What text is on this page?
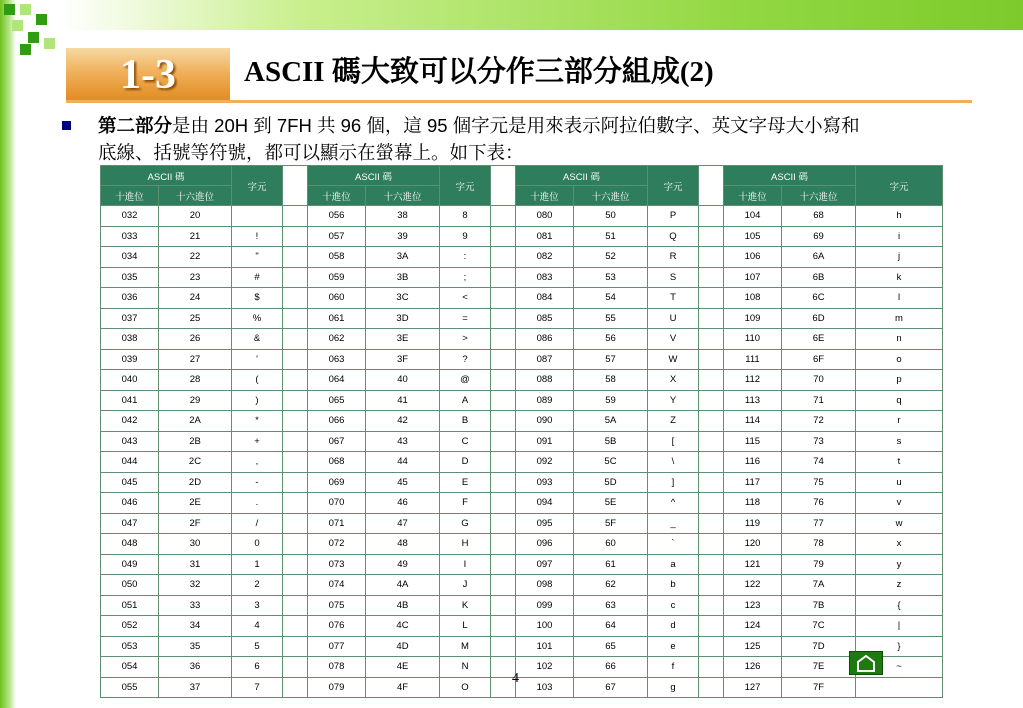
1-3	ASCII 碼大致可以分作三部分組成(2)
第二部分是由 20H 到 7FH 共 96 個，這 95 個字元是用來表示阿拉伯數字、英文字母大小寫和
底線、括號等符號，都可以顯示在螢幕上。如下表：
ASCII 碼		字元		ASCII 碼		字元		ASCII 碼		字元		ASCII 碼		字元
十進位	十六進位			十進位	十六進位			十進位	十六進位			十進位	十六進位	
032	20			056	38	8		080	50	P		104	68	h
033	21	!		057	39	9		081	51	Q		105	69	i
034	22	"		058	3A	:		082	52	R		106	6A	j
035	23	#		059	3B	;		083	53	S		107	6B	k
036	24	$		060	3C	<		084	54	T		108	6C	l
037	25	%		061	3D	=		085	55	U		109	6D	m
038	26	&		062	3E	>		086	56	V		110	6E	n
039	27	'		063	3F	?		087	57	W		111	6F	o
040	28	(		064	40	@		088	58	X		112	70	p
041	29	)		065	41	A		089	59	Y		113	71	q
042	2A	*		066	42	B		090	5A	Z		114	72	r
043	2B	+		067	43	C		091	5B	[		115	73	s
044	2C	,		068	44	D		092	5C	\		116	74	t
045	2D	-		069	45	E		093	5D	]		117	75	u
046	2E	.		070	46	F		094	5E	^		118	76	v
047	2F	/		071	47	G		095	5F	_		119	77	w
048	30	0		072	48	H		096	60	`		120	78	x
049	31	1		073	49	I		097	61	a		121	79	y
050	32	2		074	4A	J		098	62	b		122	7A	z
051	33	3		075	4B	K		099	63	c		123	7B	{
052	34	4		076	4C	L		100	64	d		124	7C	|
053	35	5		077	4D	M		101	65	e		125	7D	}
054	36	6		078	4E	N		102	66	f		126	7E	~
055	37	7		079	4F	O		103	67	g		127	7F	
4
